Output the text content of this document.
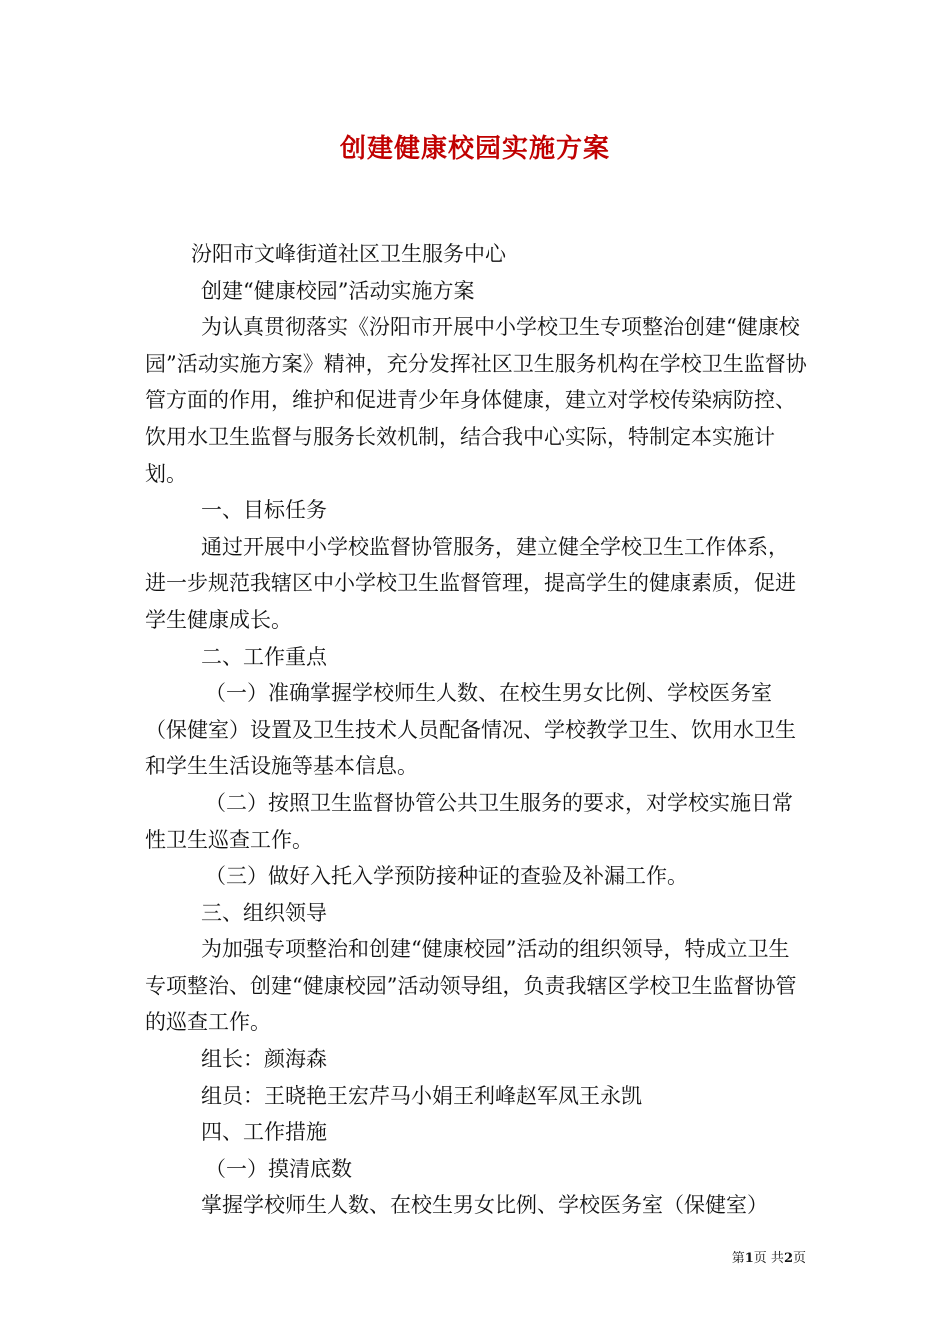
创建健康校园实施方案

汾阳市文峰街道社区卫生服务中心

创建“健康校园”活动实施方案

为认真贯彻落实《汾阳市开展中小学校卫生专项整治创建“健康校园”活动实施方案》精神，充分发挥社区卫生服务机构在学校卫生监督协管方面的作用，维护和促进青少年身体健康，建立对学校传染病防控、饮用水卫生监督与服务长效机制，结合我中心实际，特制定本实施计划。

一、目标任务

通过开展中小学校监督协管服务，建立健全学校卫生工作体系，进一步规范我辖区中小学校卫生监督管理，提高学生的健康素质，促进学生健康成长。

二、工作重点

（一）准确掌握学校师生人数、在校生男女比例、学校医务室（保健室）设置及卫生技术人员配备情况、学校教学卫生、饮用水卫生和学生生活设施等基本信息。

（二）按照卫生监督协管公共卫生服务的要求，对学校实施日常性卫生巡查工作。

（三）做好入托入学预防接种证的查验及补漏工作。

三、组织领导

为加强专项整治和创建“健康校园”活动的组织领导，特成立卫生专项整治、创建“健康校园”活动领导组，负责我辖区学校卫生监督协管的巡查工作。

组长：颜海森

组员：王晓艳王宏芹马小娟王利峰赵军凤王永凯

四、工作措施

（一）摸清底数

掌握学校师生人数、在校生男女比例、学校医务室（保健室）

第1页 共2页
